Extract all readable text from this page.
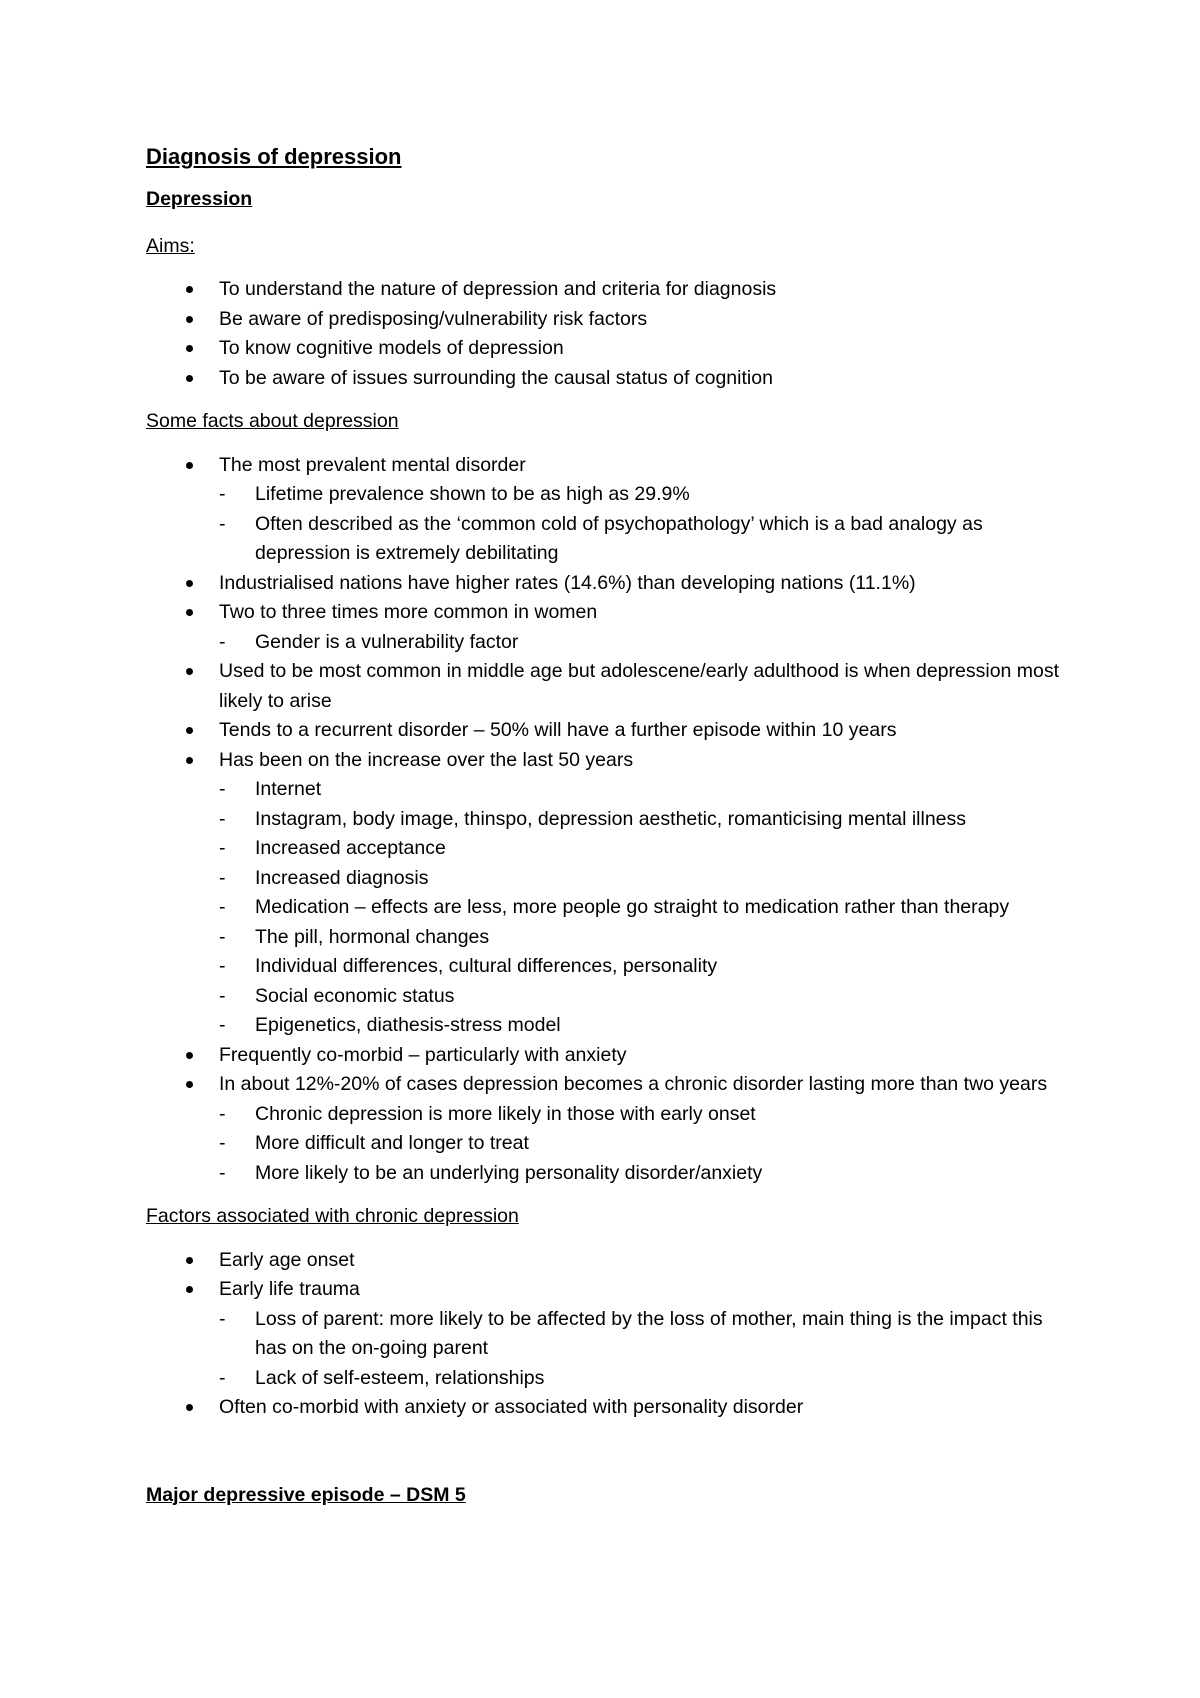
Diagnosis of depression
Depression
Aims:
To understand the nature of depression and criteria for diagnosis
Be aware of predisposing/vulnerability risk factors
To know cognitive models of depression
To be aware of issues surrounding the causal status of cognition
Some facts about depression
The most prevalent mental disorder
- Lifetime prevalence shown to be as high as 29.9%
- Often described as the ‘common cold of psychopathology’ which is a bad analogy as depression is extremely debilitating
Industrialised nations have higher rates (14.6%) than developing nations (11.1%)
Two to three times more common in women
- Gender is a vulnerability factor
Used to be most common in middle age but adolescene/early adulthood is when depression most likely to arise
Tends to a recurrent disorder – 50% will have a further episode within 10 years
Has been on the increase over the last 50 years
- Internet
- Instagram, body image, thinspo, depression aesthetic, romanticising mental illness
- Increased acceptance
- Increased diagnosis
- Medication – effects are less, more people go straight to medication rather than therapy
- The pill, hormonal changes
- Individual differences, cultural differences, personality
- Social economic status
- Epigenetics, diathesis-stress model
Frequently co-morbid – particularly with anxiety
In about 12%-20% of cases depression becomes a chronic disorder lasting more than two years
- Chronic depression is more likely in those with early onset
- More difficult and longer to treat
- More likely to be an underlying personality disorder/anxiety
Factors associated with chronic depression
Early age onset
Early life trauma
- Loss of parent: more likely to be affected by the loss of mother, main thing is the impact this has on the on-going parent
- Lack of self-esteem, relationships
Often co-morbid with anxiety or associated with personality disorder
Major depressive episode – DSM 5
